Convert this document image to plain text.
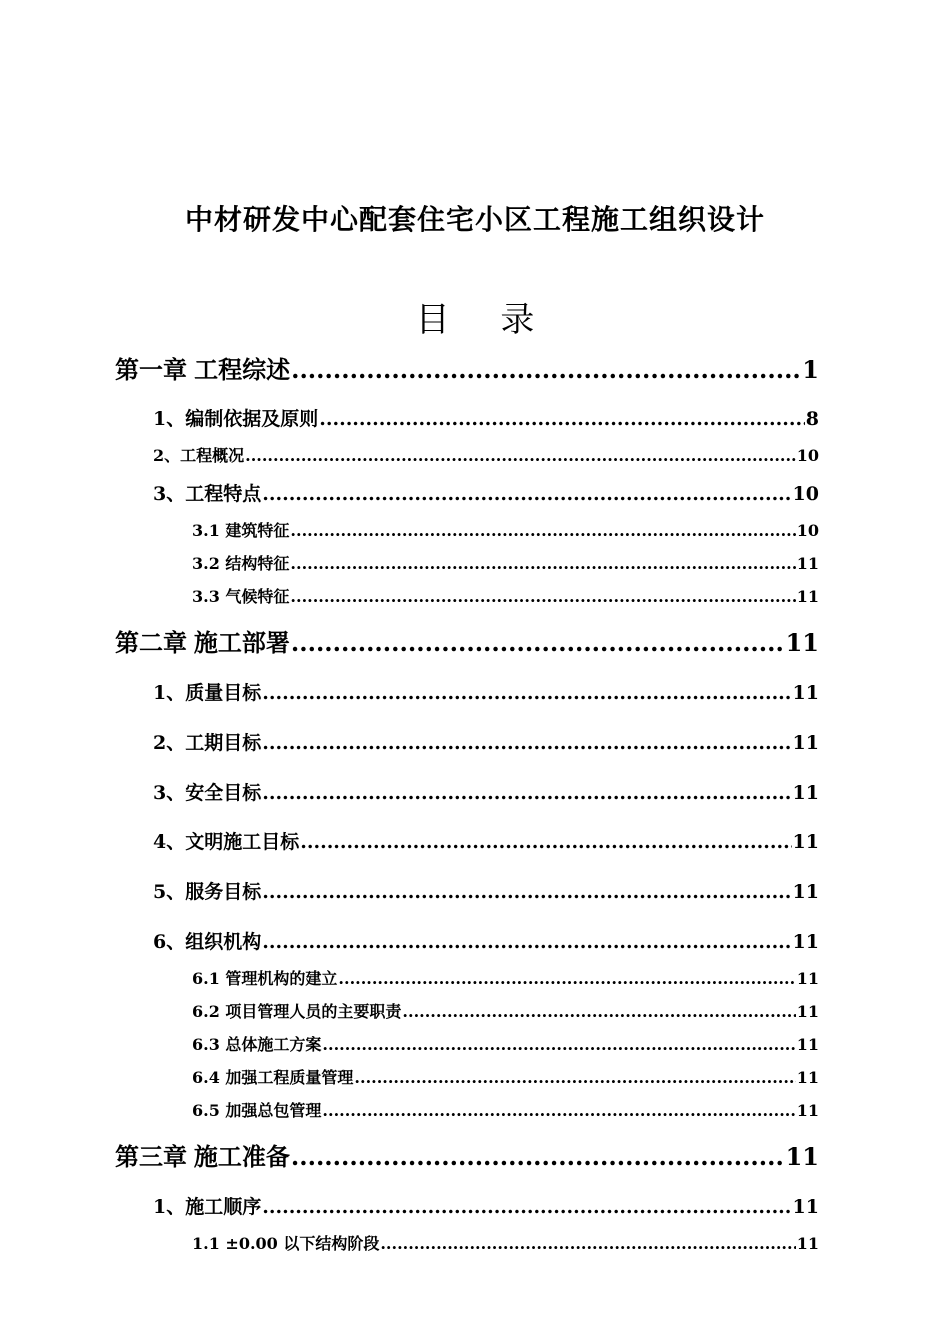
中材研发中心配套住宅小区工程施工组织设计
目 录
第一章 工程综述 .....	1
1、编制依据及原则 .....	8
2、工程概况 .....	10
3、工程特点 .....	10
3.1 建筑特征 .....	10
3.2 结构特征 .....	11
3.3 气候特征 .....	11
第二章 施工部署 .....	11
1、质量目标 .....	11
2、工期目标 .....	11
3、安全目标 .....	11
4、文明施工目标 .....	11
5、服务目标 .....	11
6、组织机构 .....	11
6.1 管理机构的建立 .....	11
6.2 项目管理人员的主要职责 .....	11
6.3 总体施工方案 .....	11
6.4 加强工程质量管理 .....	11
6.5 加强总包管理 .....	11
第三章 施工准备 .....	11
1、施工顺序 .....	11
1.1 ±0.00 以下结构阶段 .....	11
